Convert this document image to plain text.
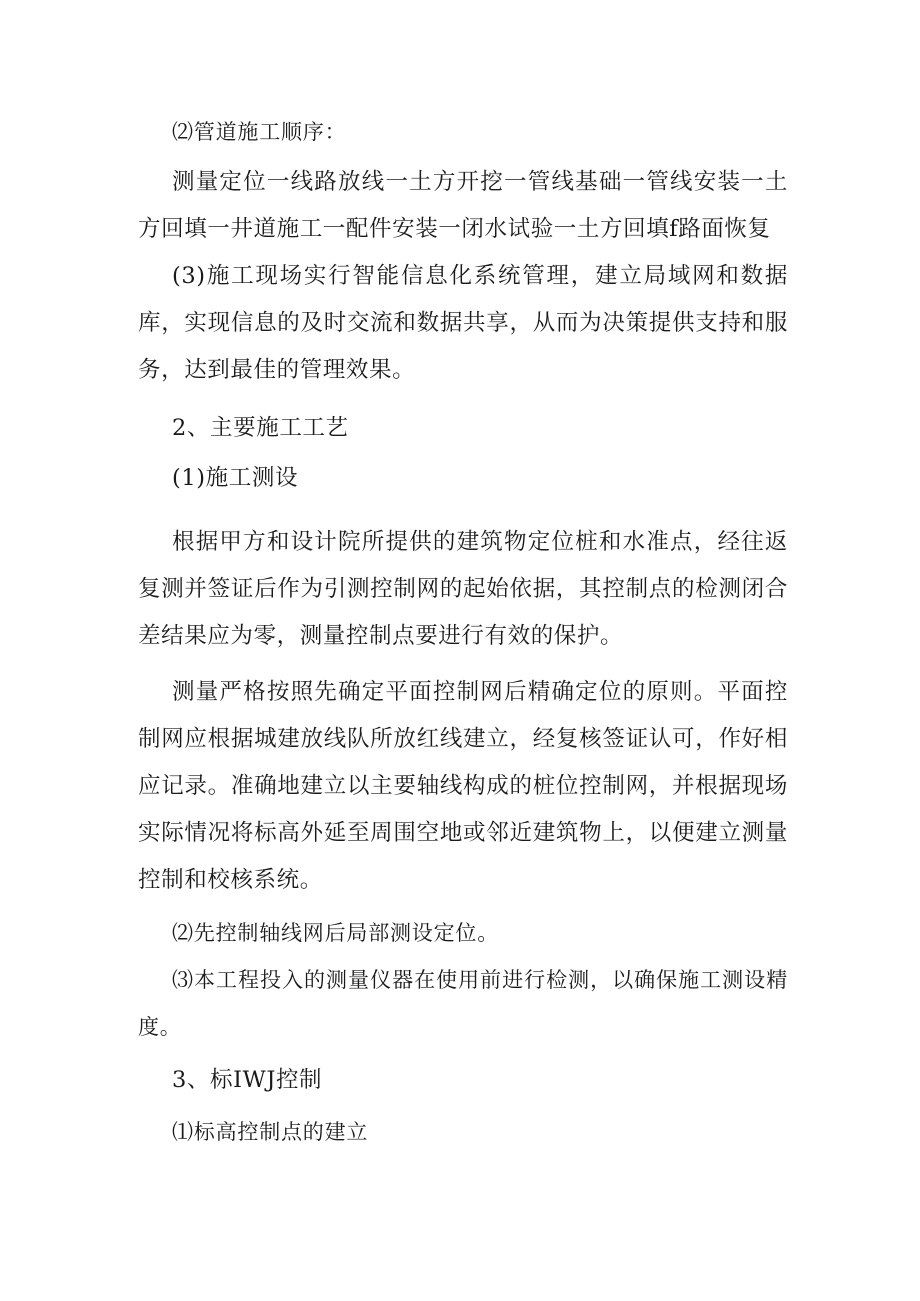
⑵管道施工顺序：

测量定位一线路放线一土方开挖一管线基础一管线安装一土方回填一井道施工一配件安装一闭水试验一土方回填f路面恢复

(3)施工现场实行智能信息化系统管理，建立局域网和数据库，实现信息的及时交流和数据共享，从而为决策提供支持和服务，达到最佳的管理效果。

2、主要施工工艺

(1)施工测设

根据甲方和设计院所提供的建筑物定位桩和水准点，经往返复测并签证后作为引测控制网的起始依据，其控制点的检测闭合差结果应为零，测量控制点要进行有效的保护。

测量严格按照先确定平面控制网后精确定位的原则。平面控制网应根据城建放线队所放红线建立，经复核签证认可，作好相应记录。准确地建立以主要轴线构成的桩位控制网，并根据现场实际情况将标高外延至周围空地或邻近建筑物上，以便建立测量控制和校核系统。

⑵先控制轴线网后局部测设定位。

⑶本工程投入的测量仪器在使用前进行检测，以确保施工测设精度。

3、标IWJ控制

⑴标高控制点的建立
